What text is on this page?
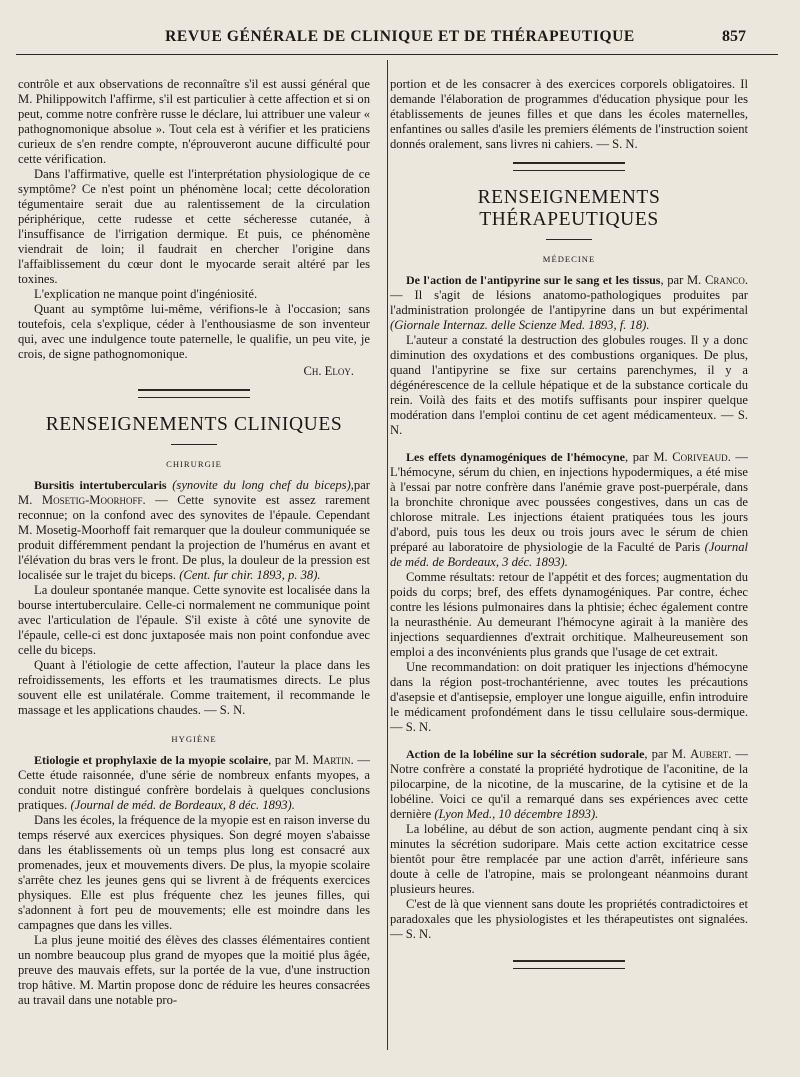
REVUE GÉNÉRALE DE CLINIQUE ET DE THÉRAPEUTIQUE	857

contrôle et aux observations de reconnaître s'il est aussi général que M. Philippowitch l'affirme, s'il est particulier à cette affection et si on peut, comme notre confrère russe le déclare, lui attribuer une valeur « pathognomonique absolue ». Tout cela est à vérifier et les praticiens curieux de s'en rendre compte, n'éprouveront aucune difficulté pour cette vérification.

Dans l'affirmative, quelle est l'interprétation physiologique de ce symptôme? Ce n'est point un phénomène local; cette décoloration tégumentaire serait due au ralentissement de la circulation périphérique, cette rudesse et cette sécheresse cutanée, à l'insuffisance de l'irrigation dermique. Et puis, ce phénomène viendrait de loin; il faudrait en chercher l'origine dans l'affaiblissement du cœur dont le myocarde serait altéré par les toxines.

L'explication ne manque point d'ingéniosité.

Quant au symptôme lui-même, vérifions-le à l'occasion; sans toutefois, cela s'explique, céder à l'enthousiasme de son inventeur qui, avec une indulgence toute paternelle, le qualifie, un peu vite, je crois, de signe pathognomonique.

Ch. Eloy.
RENSEIGNEMENTS CLINIQUES
CHIRURGIE

Bursitis intertubercularis (synovite du long chef du biceps),par M. Mosetig-Moorhoff. — Cette synovite est assez rarement reconnue; on la confond avec des synovites de l'épaule. Cependant M. Mosetig-Moorhoff fait remarquer que la douleur communiquée se produit différemment pendant la projection de l'humérus en avant et l'élévation du bras vers le front. De plus, la douleur de la pression est localisée sur le trajet du biceps. (Cent. fur chir. 1893, p. 38).

La douleur spontanée manque. Cette synovite est localisée dans la bourse intertuberculaire. Celle-ci normalement ne communique point avec l'articulation de l'épaule. S'il existe à côté une synovite de l'épaule, celle-ci est donc juxtaposée mais non point confondue avec celle du biceps.

Quant à l'étiologie de cette affection, l'auteur la place dans les refroidissements, les efforts et les traumatismes directs. Le plus souvent elle est unilatérale. Comme traitement, il recommande le massage et les applications chaudes. — S. N.

HYGIÈNE

Etiologie et prophylaxie de la myopie scolaire, par M. Martin. — Cette étude raisonnée, d'une série de nombreux enfants myopes, a conduit notre distingué confrère bordelais à quelques conclusions pratiques. (Journal de méd. de Bordeaux, 8 déc. 1893).

Dans les écoles, la fréquence de la myopie est en raison inverse du temps réservé aux exercices physiques. Son degré moyen s'abaisse dans les établissements où un temps plus long est consacré aux promenades, jeux et mouvements divers. De plus, la myopie scolaire s'arrête chez les jeunes gens qui se livrent à de fréquents exercices physiques. Elle est plus fréquente chez les jeunes filles, qui s'adonnent à fort peu de mouvements; elle est moindre dans les campagnes que dans les villes.

La plus jeune moitié des élèves des classes élémentaires contient un nombre beaucoup plus grand de myopes que la moitié plus âgée, preuve des mauvais effets, sur la portée de la vue, d'une instruction trop hâtive. M. Martin propose donc de réduire les heures consacrées au travail dans une notable pro-

portion et de les consacrer à des exercices corporels obligatoires. Il demande l'élaboration de programmes d'éducation physique pour les établissements de jeunes filles et que dans les écoles maternelles, enfantines ou salles d'asile les premiers éléments de l'instruction soient donnés oralement, sans livres ni cahiers. — S. N.

RENSEIGNEMENTS THÉRAPEUTIQUES
MÉDECINE

De l'action de l'antipyrine sur le sang et les tissus, par M. Cranco. — Il s'agit de lésions anatomo-pathologiques produites par l'administration prolongée de l'antipyrine dans un but expérimental (Giornale Internaz. delle Scienze Med. 1893, f. 18).

L'auteur a constaté la destruction des globules rouges. Il y a donc diminution des oxydations et des combustions organiques. De plus, quand l'antipyrine se fixe sur certains parenchymes, il y a dégénérescence de la cellule hépatique et de la substance corticale du rein. Voilà des faits et des motifs suffisants pour inspirer quelque modération dans l'emploi continu de cet agent médicamenteux. — S. N.

Les effets dynamogéniques de l'hémocyne, par M. Coriveaud. — L'hémocyne, sérum du chien, en injections hypodermiques, a été mise à l'essai par notre confrère dans l'anémie grave post-puerpérale, dans la bronchite chronique avec poussées congestives, dans un cas de chlorose mitrale. Les injections étaient pratiquées tous les jours d'abord, puis tous les deux ou trois jours avec le sérum de chien préparé au laboratoire de physiologie de la Faculté de Paris (Journal de méd. de Bordeaux, 3 déc. 1893).

Comme résultats: retour de l'appétit et des forces; augmentation du poids du corps; bref, des effets dynamogéniques. Par contre, échec contre les lésions pulmonaires dans la phtisie; échec également contre la neurasthénie. Au demeurant l'hémocyne agirait à la manière des injections sequardiennes d'extrait orchitique. Malheureusement son emploi a des inconvénients plus grands que l'usage de cet extrait.

Une recommandation: on doit pratiquer les injections d'hémocyne dans la région post-trochantérienne, avec toutes les précautions d'asepsie et d'antisepsie, employer une longue aiguille, enfin introduire le médicament profondément dans le tissu cellulaire sous-dermique. — S. N.

Action de la lobéline sur la sécrétion sudorale, par M. Aubert. — Notre confrère a constaté la propriété hydrotique de l'aconitine, de la pilocarpine, de la nicotine, de la muscarine, de la cytisine et de la lobéline. Voici ce qu'il a remarqué dans ses expériences avec cette dernière (Lyon Med., 10 décembre 1893).

La lobéline, au début de son action, augmente pendant cinq à six minutes la sécrétion sudoripare. Mais cette action excitatrice cesse bientôt pour être remplacée par une action d'arrêt, inférieure sans doute à celle de l'atropine, mais se prolongeant néanmoins durant plusieurs heures.

C'est de là que viennent sans doute les propriétés contradictoires et paradoxales que les physiologistes et les thérapeutistes ont signalées. — S. N.
